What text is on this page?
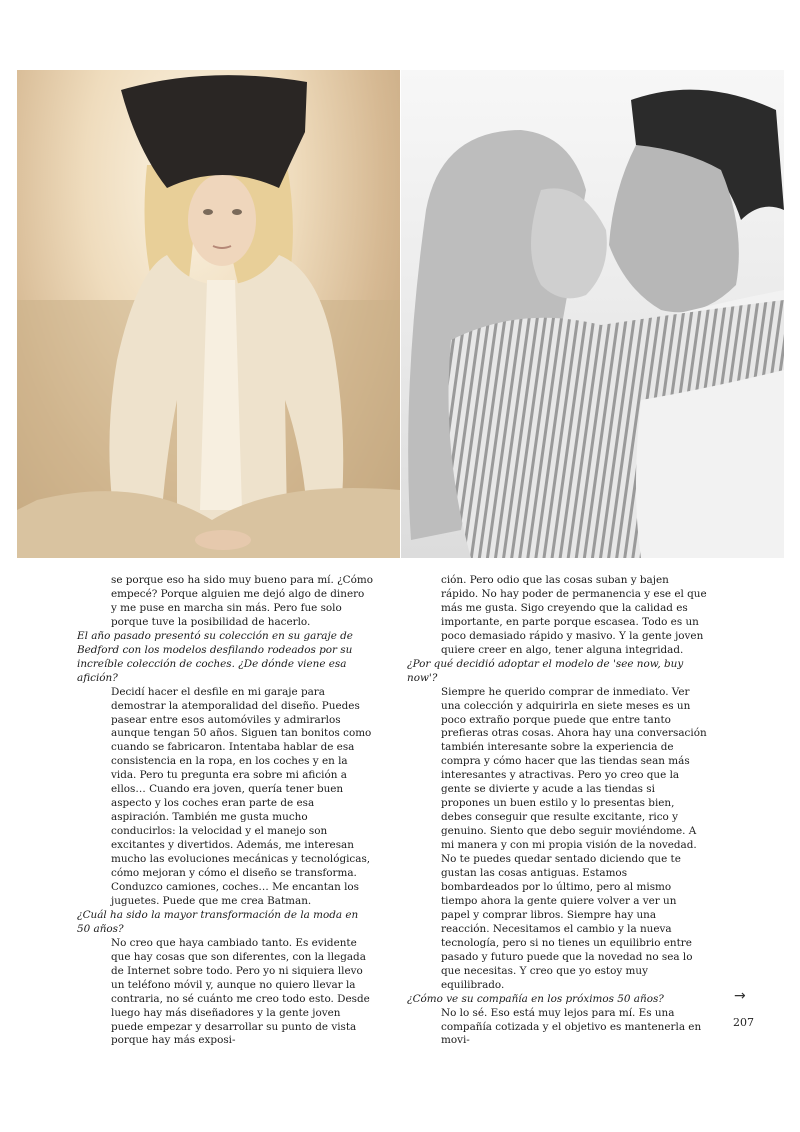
se porque eso ha sido muy bueno para mí. ¿Cómo empecé? Porque alguien me dejó algo de dinero y me puse en marcha sin más. Pero fue solo porque tuve la posibilidad de hacerlo.

El año pasado presentó su colección en su garaje de Bedford con los modelos desfilando rodeados por su increíble colección de coches. ¿De dónde viene esa afición?

Decidí hacer el desfile en mi garaje para demostrar la atemporalidad del diseño. Puedes pasear entre esos automóviles y admirarlos aunque tengan 50 años. Siguen tan bonitos como cuando se fabricaron. Intentaba hablar de esa consistencia en la ropa, en los coches y en la vida. Pero tu pregunta era sobre mi afición a ellos… Cuando era joven, quería tener buen aspecto y los coches eran parte de esa aspiración. También me gusta mucho conducirlos: la velocidad y el manejo son excitantes y divertidos. Además, me interesan mucho las evoluciones mecánicas y tecnológicas, cómo mejoran y cómo el diseño se transforma. Conduzco camiones, coches… Me encantan los juguetes. Puede que me crea Batman.

¿Cuál ha sido la mayor transformación de la moda en 50 años?

No creo que haya cambiado tanto. Es evidente que hay cosas que son diferentes, con la llegada de Internet sobre todo. Pero yo ni siquiera llevo un teléfono móvil y, aunque no quiero llevar la contraria, no sé cuánto me creo todo esto. Desde luego hay más diseñadores y la gente joven puede empezar y desarrollar su punto de vista porque hay más exposi-

ción. Pero odio que las cosas suban y bajen rápido. No hay poder de permanencia y ese el que más me gusta. Sigo creyendo que la calidad es importante, en parte porque escasea. Todo es un poco demasiado rápido y masivo. Y la gente joven quiere creer en algo, tener alguna integridad.

¿Por qué decidió adoptar el modelo de 'see now, buy now'?

Siempre he querido comprar de inmediato. Ver una colección y adquirirla en siete meses es un poco extraño porque puede que entre tanto prefieras otras cosas. Ahora hay una conversación también interesante sobre la experiencia de compra y cómo hacer que las tiendas sean más interesantes y atractivas. Pero yo creo que la gente se divierte y acude a las tiendas si propones un buen estilo y lo presentas bien, debes conseguir que resulte excitante, rico y genuino. Siento que debo seguir moviéndome. A mi manera y con mi propia visión de la novedad. No te puedes quedar sentado diciendo que te gustan las cosas antiguas. Estamos bombardeados por lo último, pero al mismo tiempo ahora la gente quiere volver a ver un papel y comprar libros. Siempre hay una reacción. Necesitamos el cambio y la nueva tecnología, pero si no tienes un equilibrio entre pasado y futuro puede que la novedad no sea lo que necesitas. Y creo que yo estoy muy equilibrado.

¿Cómo ve su compañía en los próximos 50 años?

No lo sé. Eso está muy lejos para mí. Es una compañía cotizada y el objetivo es mantenerla en movi-

→
207
